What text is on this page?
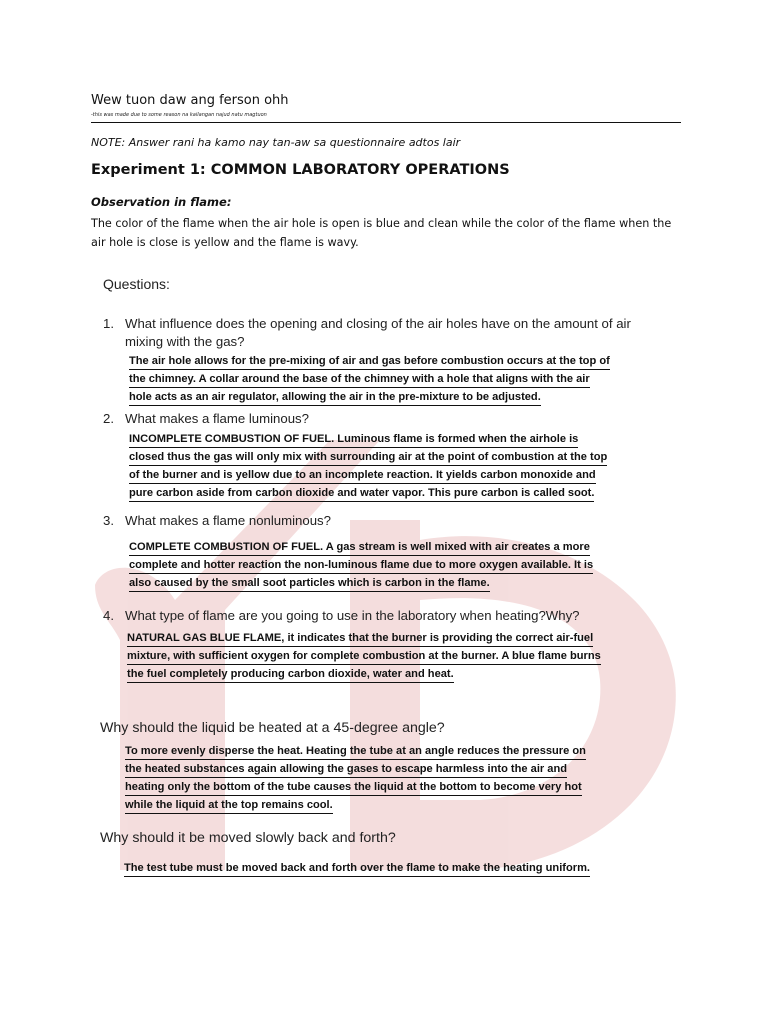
Wew tuon daw ang ferson ohh
-this was made due to some reason na kailangan najud natu magtuon
NOTE: Answer rani ha kamo nay tan-aw sa questionnaire adtos lair
Experiment 1: COMMON LABORATORY OPERATIONS
Observation in flame:
The color of the flame when the air hole is open is blue and clean while the color of the flame when the
air hole is close is yellow and the flame is wavy.
Questions:
1. What influence does the opening and closing of the air holes have on the amount of air
mixing with the gas?
The air hole allows for the pre-mixing of air and gas before combustion occurs at the top of
the chimney. A collar around the base of the chimney with a hole that aligns with the air
hole acts as an air regulator, allowing the air in the pre-mixture to be adjusted.
2. What makes a flame luminous?
INCOMPLETE COMBUSTION OF FUEL. Luminous flame is formed when the airhole is
closed thus the gas will only mix with surrounding air at the point of combustion at the top
of the burner and is yellow due to an incomplete reaction. It yields carbon monoxide and
pure carbon aside from carbon dioxide and water vapor. This pure carbon is called soot.
3. What makes a flame nonluminous?
COMPLETE COMBUSTION OF FUEL. A gas stream is well mixed with air creates a more
complete and hotter reaction the non-luminous flame due to more oxygen available. It is
also caused by the small soot particles which is carbon in the flame.
4. What type of flame are you going to use in the laboratory when heating?Why?
NATURAL GAS BLUE FLAME, it indicates that the burner is providing the correct air-fuel
mixture, with sufficient oxygen for complete combustion at the burner. A blue flame burns
the fuel completely producing carbon dioxide, water and heat.
Why should the liquid be heated at a 45-degree angle?
To more evenly disperse the heat. Heating the tube at an angle reduces the pressure on
the heated substances again allowing the gases to escape harmless into the air and
heating only the bottom of the tube causes the liquid at the bottom to become very hot
while the liquid at the top remains cool.
Why should it be moved slowly back and forth?
The test tube must be moved back and forth over the flame to make the heating uniform.
